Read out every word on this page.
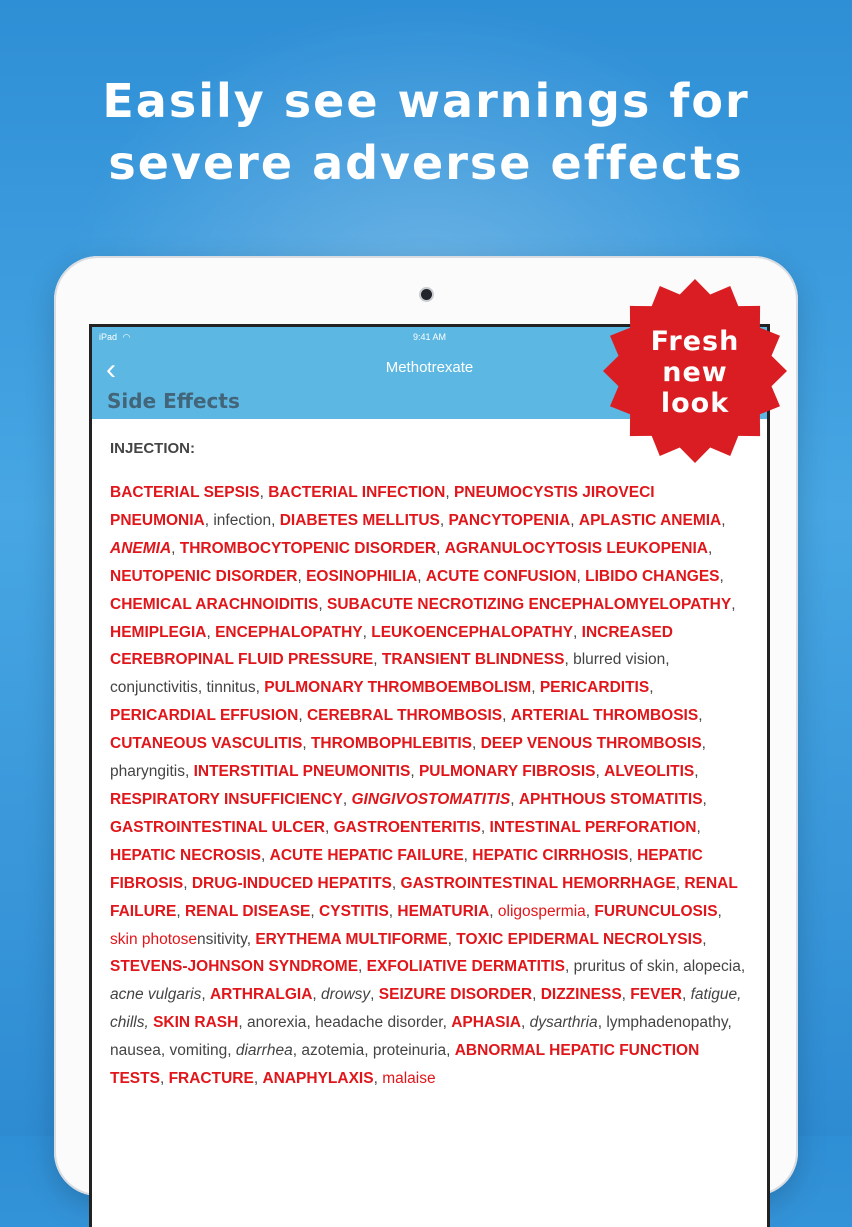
Easily see warnings for
severe adverse effects
iPad ◠	9:41 AM
‹	Methotrexate
Side Effects
INJECTION:
BACTERIAL SEPSIS, BACTERIAL INFECTION, PNEUMOCYSTIS JIROVECI PNEUMONIA, infection, DIABETES MELLITUS, PANCYTOPENIA, APLASTIC ANEMIA, ANEMIA, THROMBOCYTOPENIC DISORDER, AGRANULOCYTOSIS LEUKOPENIA, NEUTOPENIC DISORDER, EOSINOPHILIA, ACUTE CONFUSION, LIBIDO CHANGES, CHEMICAL ARACHNOIDITIS, SUBACUTE NECROTIZING ENCEPHALOMYELOPATHY, HEMIPLEGIA, ENCEPHALOPATHY, LEUKOENCEPHALOPATHY, INCREASED CEREBROPINAL FLUID PRESSURE, TRANSIENT BLINDNESS, blurred vision, conjunctivitis, tinnitus, PULMONARY THROMBOEMBOLISM, PERICARDITIS, PERICARDIAL EFFUSION, CEREBRAL THROMBOSIS, ARTERIAL THROMBOSIS, CUTANEOUS VASCULITIS, THROMBOPHLEBITIS, DEEP VENOUS THROMBOSIS, pharyngitis, INTERSTITIAL PNEUMONITIS, PULMONARY FIBROSIS, ALVEOLITIS, RESPIRATORY INSUFFICIENCY, GINGIVOSTOMATITIS, APHTHOUS STOMATITIS, GASTROINTESTINAL ULCER, GASTROENTERITIS, INTESTINAL PERFORATION, HEPATIC NECROSIS, ACUTE HEPATIC FAILURE, HEPATIC CIRRHOSIS, HEPATIC FIBROSIS, DRUG-INDUCED HEPATITS, GASTROINTESTINAL HEMORRHAGE, RENAL FAILURE, RENAL DISEASE, CYSTITIS, HEMATURIA, oligospermia, FURUNCULOSIS, skin photosensitivity, ERYTHEMA MULTIFORME, TOXIC EPIDERMAL NECROLYSIS, STEVENS-JOHNSON SYNDROME, EXFOLIATIVE DERMATITIS, pruritus of skin, alopecia, acne vulgaris, ARTHRALGIA, drowsy, SEIZURE DISORDER, DIZZINESS, FEVER, fatigue, chills, SKIN RASH, anorexia, headache disorder, APHASIA, dysarthria, lymphadenopathy, nausea, vomiting, diarrhea, azotemia, proteinuria, ABNORMAL HEPATIC FUNCTION TESTS, FRACTURE, ANAPHYLAXIS, malaise
Fresh
new
look
